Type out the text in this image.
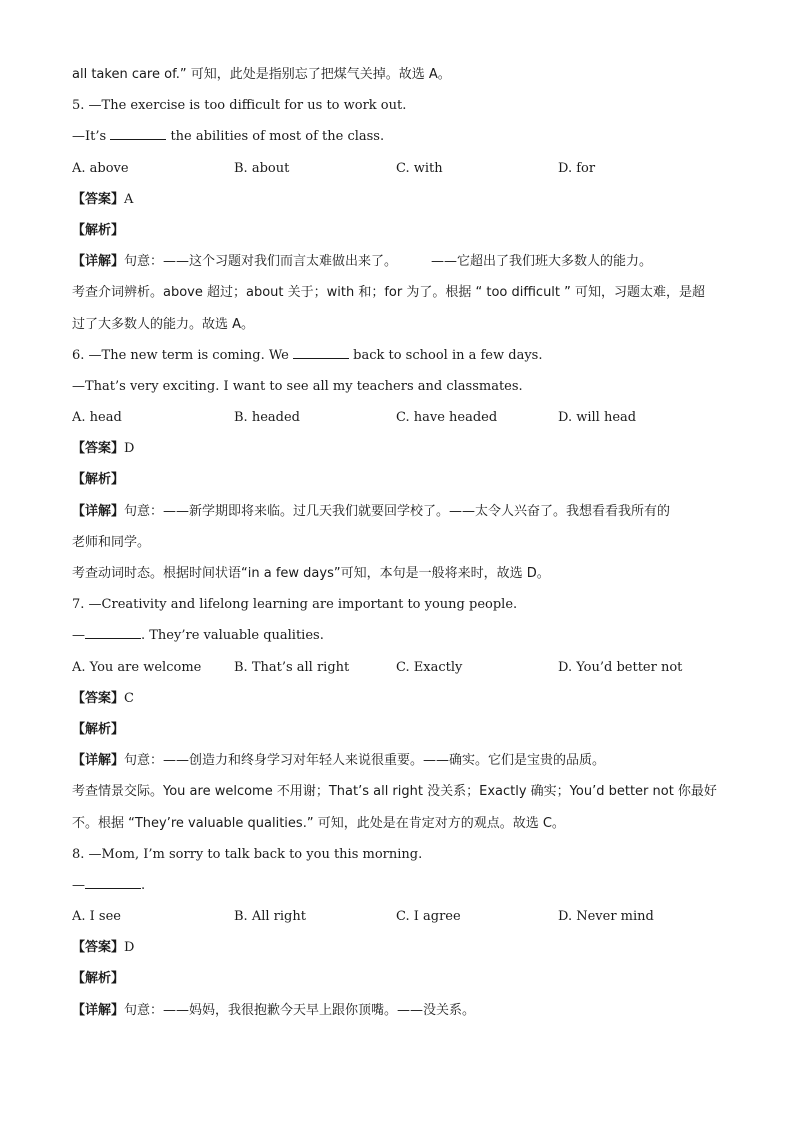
all taken care of.” 可知，此处是指别忘了把煤气关掉。故选 A。
5. —The exercise is too difficult for us to work out.
—It’s	the abilities of most of the class.
A. above	B. about	C. with	D. for
【答案】A
【解析】
【详解】句意：——这个习题对我们而言太难做出来了。	——它超出了我们班大多数人的能力。
考查介词辨析。above 超过；about 关于；with 和；for 为了。根据 “ too difficult ” 可知，习题太难，是超
过了大多数人的能力。故选 A。
6. —The new term is coming. We	back to school in a few days.
—That’s very exciting. I want to see all my teachers and classmates.
A. head	B. headed	C. have headed	D. will head
【答案】D
【解析】
【详解】句意：——新学期即将来临。过几天我们就要回学校了。——太令人兴奋了。我想看看我所有的
老师和同学。
考查动词时态。根据时间状语“in a few days”可知，本句是一般将来时，故选 D。
7. —Creativity and lifelong learning are important to young people.
—	. They’re valuable qualities.
A. You are welcome	B. That’s all right	C. Exactly	D. You’d better not
【答案】C
【解析】
【详解】句意：——创造力和终身学习对年轻人来说很重要。——确实。它们是宝贵的品质。
考查情景交际。You are welcome 不用谢；That’s all right 没关系；Exactly 确实；You’d better not 你最好
不。根据 “They’re valuable qualities.” 可知，此处是在肯定对方的观点。故选 C。
8. —Mom, I’m sorry to talk back to you this morning.
—	.
A. I see	B. All right	C. I agree	D. Never mind
【答案】D
【解析】
【详解】句意：——妈妈，我很抱歉今天早上跟你顶嘴。——没关系。
